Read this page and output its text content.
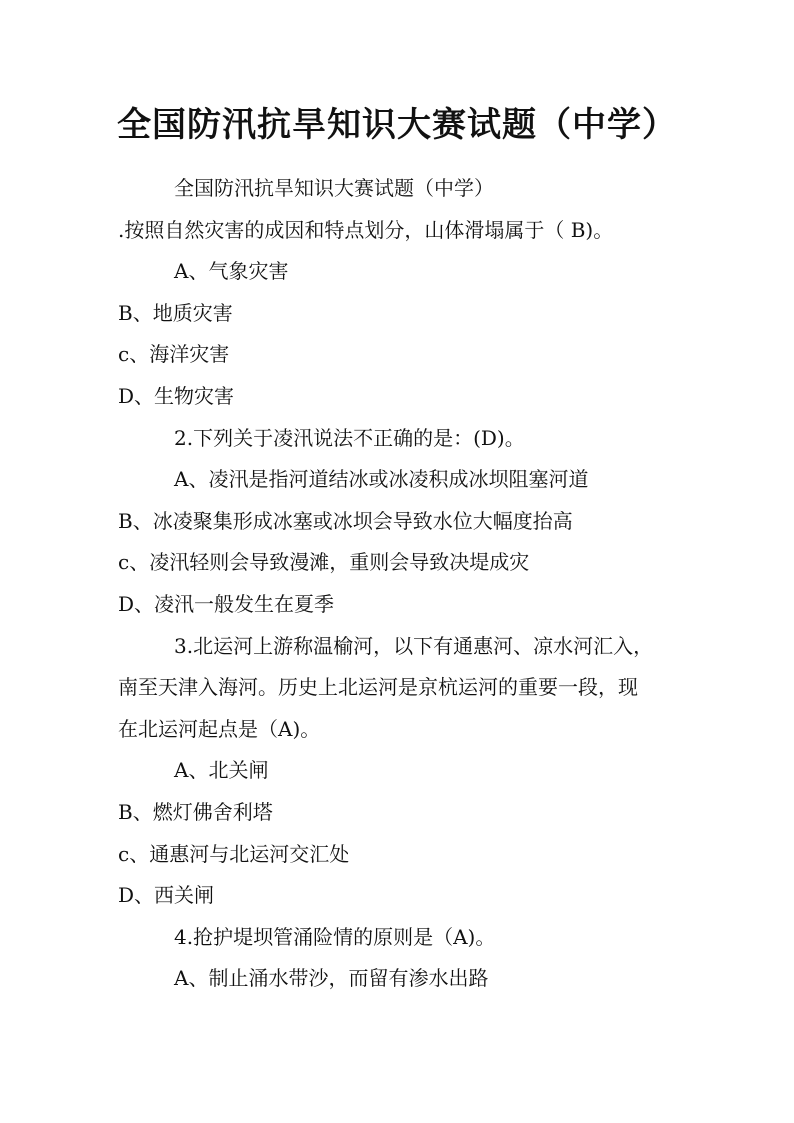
全国防汛抗旱知识大赛试题（中学）
全国防汛抗旱知识大赛试题（中学）
.按照自然灾害的成因和特点划分，山体滑塌属于（ B)。
A、气象灾害
B、地质灾害
c、海洋灾害
D、生物灾害
2.下列关于凌汛说法不正确的是：(D)。
A、凌汛是指河道结冰或冰凌积成冰坝阻塞河道
B、冰凌聚集形成冰塞或冰坝会导致水位大幅度抬高
c、凌汛轻则会导致漫滩，重则会导致决堤成灾
D、凌汛一般发生在夏季
3.北运河上游称温榆河，以下有通惠河、凉水河汇入，
南至天津入海河。历史上北运河是京杭运河的重要一段，现
在北运河起点是（A)。
A、北关闸
B、燃灯佛舍利塔
c、通惠河与北运河交汇处
D、西关闸
4.抢护堤坝管涌险情的原则是（A)。
A、制止涌水带沙，而留有渗水出路
